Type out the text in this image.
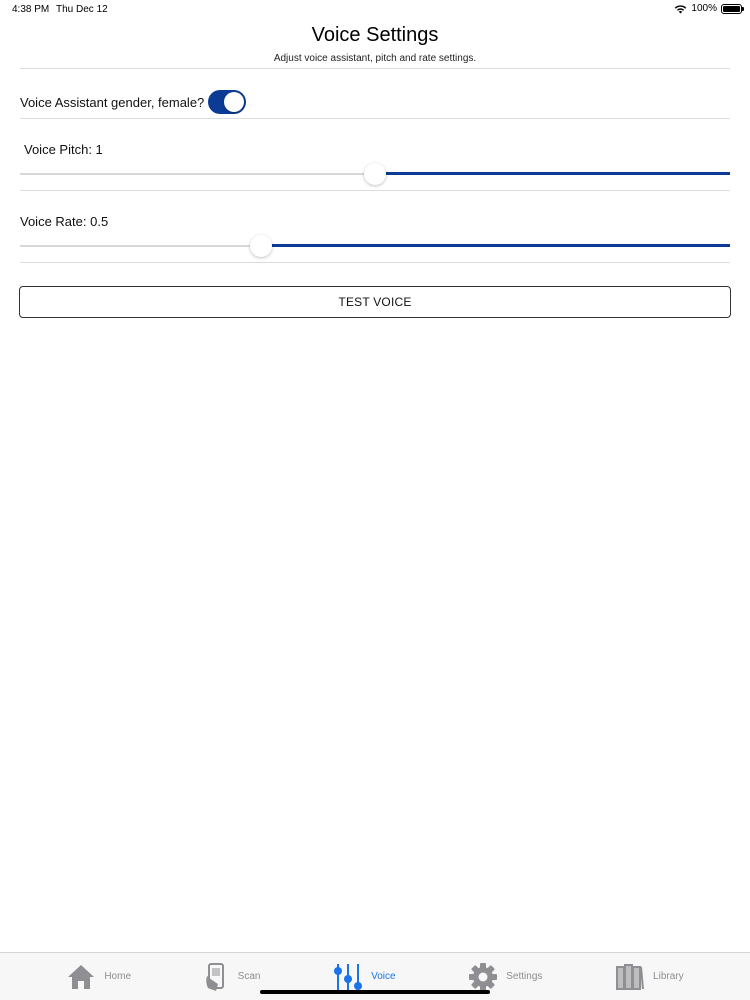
4:38 PM Thu Dec 12	100%
Voice Settings
Adjust voice assistant, pitch and rate settings.
Voice Assistant gender, female?
Voice Pitch: 1
Voice Rate: 0.5
TEST VOICE
Home	Scan	Voice	Settings	Library
